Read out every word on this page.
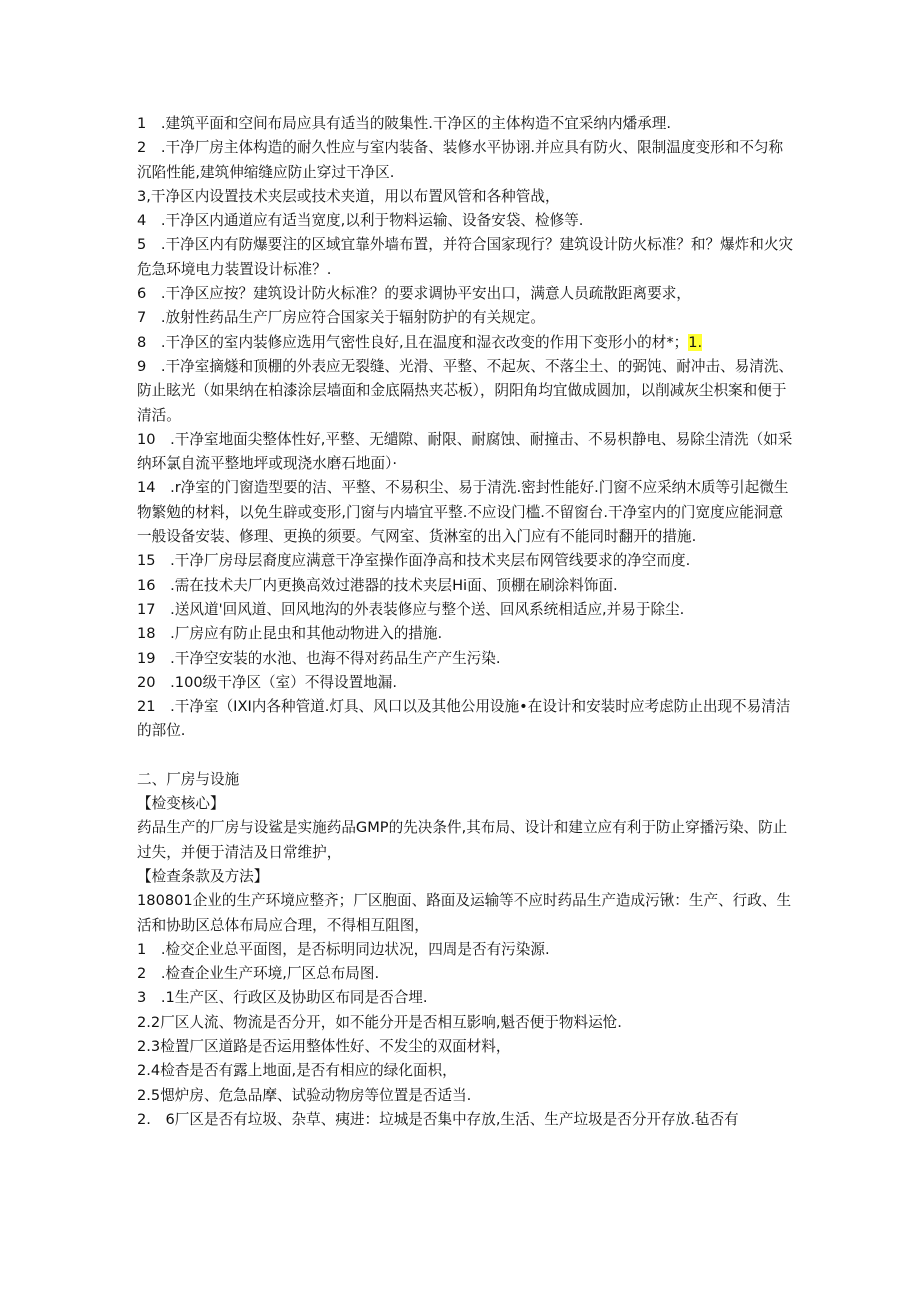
1　.建筑平面和空间布局应具有适当的陂集性.干净区的主体构造不宜采纳内燔承理.

2　.干净厂房主体构造的耐久性应与室内装备、装修水平协诩.并应具有防火、限制温度变形和不匀称沉陷性能,建筑伸缩缝应防止穿过干净区.

3,干净区内设置技术夹层或技术夹道，用以布置风管和各种管战，

4　.干净区内通道应有适当宽度,以利于物料运输、设备安袋、检修等.

5　.干净区内有防爆要注的区域宜靠外墙布置，并符合国家现行？建筑设计防火标准？和？爆炸和火灾危急环境电力装置设计标准？.

6　.干净区应按？建筑设计防火标准？的要求调协平安出口，满意人员疏散距离要求，

7　.放射性药品生产厂房应符合国家关于辐射防护的有关规定。

8　.干净区的室内装修应选用气密性良好,且在温度和湿衣改变的作用下变形小的材*；1.

9　.干净室摘燧和顶棚的外表应无裂缝、光滑、平整、不起灰、不落尘土、的弼饨、耐冲击、易清洗、防止眩光（如果纳在柏漆涂层墙面和金底隔热夹芯板），阴阳角均宜做成圆加，以削减灰尘枳案和便于清活。

10　.干净室地面尖整体性好,平整、无缱隙、耐限、耐腐蚀、耐撞击、不易枳静电、易除尘清洗（如采纳环氯自流平整地坪或现浇水磨石地面）·

14　.r净室的门窗造型要的洁、平整、不易积尘、易于清洗.密封性能好.门窗不应采纳木质等引起微生物繁勉的材料，以免生辟或变形,门窗与内墙宜平整.不应设门槛.不留窗台.干净室内的门宽度应能洞意一般设备安装、修理、更换的须要。气网室、货淋室的出入门应有不能同时翻开的措施.

15　.干净厂房母层裔度应满意干净室操作面净高和技术夹层布网管线要求的净空而度.

16　.需在技术夫厂内更換高效过港器的技术夹层Hi面、顶棚在刷涂料饰面.

17　.送风道'回风道、回风地沟的外表装修应与整个送、回风系统相适应,并易于除尘.

18　.厂房应有防止昆虫和其他动物进入的措施.

19　.干净空安装的水池、也海不得对药品生产产生污染.

20　.100级干净区（室）不得设置地漏.

21　.干净室（IXI内各种管道.灯具、风口以及其他公用设施•在设计和安装时应考虑防止出现不易清洁的部位.

二、厂房与设施

【检变核心】

药品生产的厂房与设鲨是实施药品GMP的先决条件,其布局、设计和建立应有利于防止穿播污染、防止过失，并便于清洁及日常维护，

【检查条款及方法】

180801企业的生产环境应整齐；厂区胞面、路面及运输等不应时药品生产造成污锹：生产、行政、生活和协助区总体布局应合理，不得相互阻图，

1　.检交企业总平面图，是否标明同边状况，四周是否有污染源.

2　.检查企业生产环境,厂区总布局图.

3　.1生产区、行政区及协助区布同是否合埋.

2.2厂区人流、物流是否分开，如不能分开是否相互影响,魁否便于物料运怆.

2.3检置厂区道路是否运用整体性好、不发尘的双面材料，

2.4检杳是否有露上地面,是否有相应的绿化面枳，

2.5愢炉房、危急品摩、试验动物房等位置是否适当.

2.　6厂区是否有垃圾、杂草、痍进：垃城是否集中存放,生活、生产垃圾是否分开存放.毡否有
